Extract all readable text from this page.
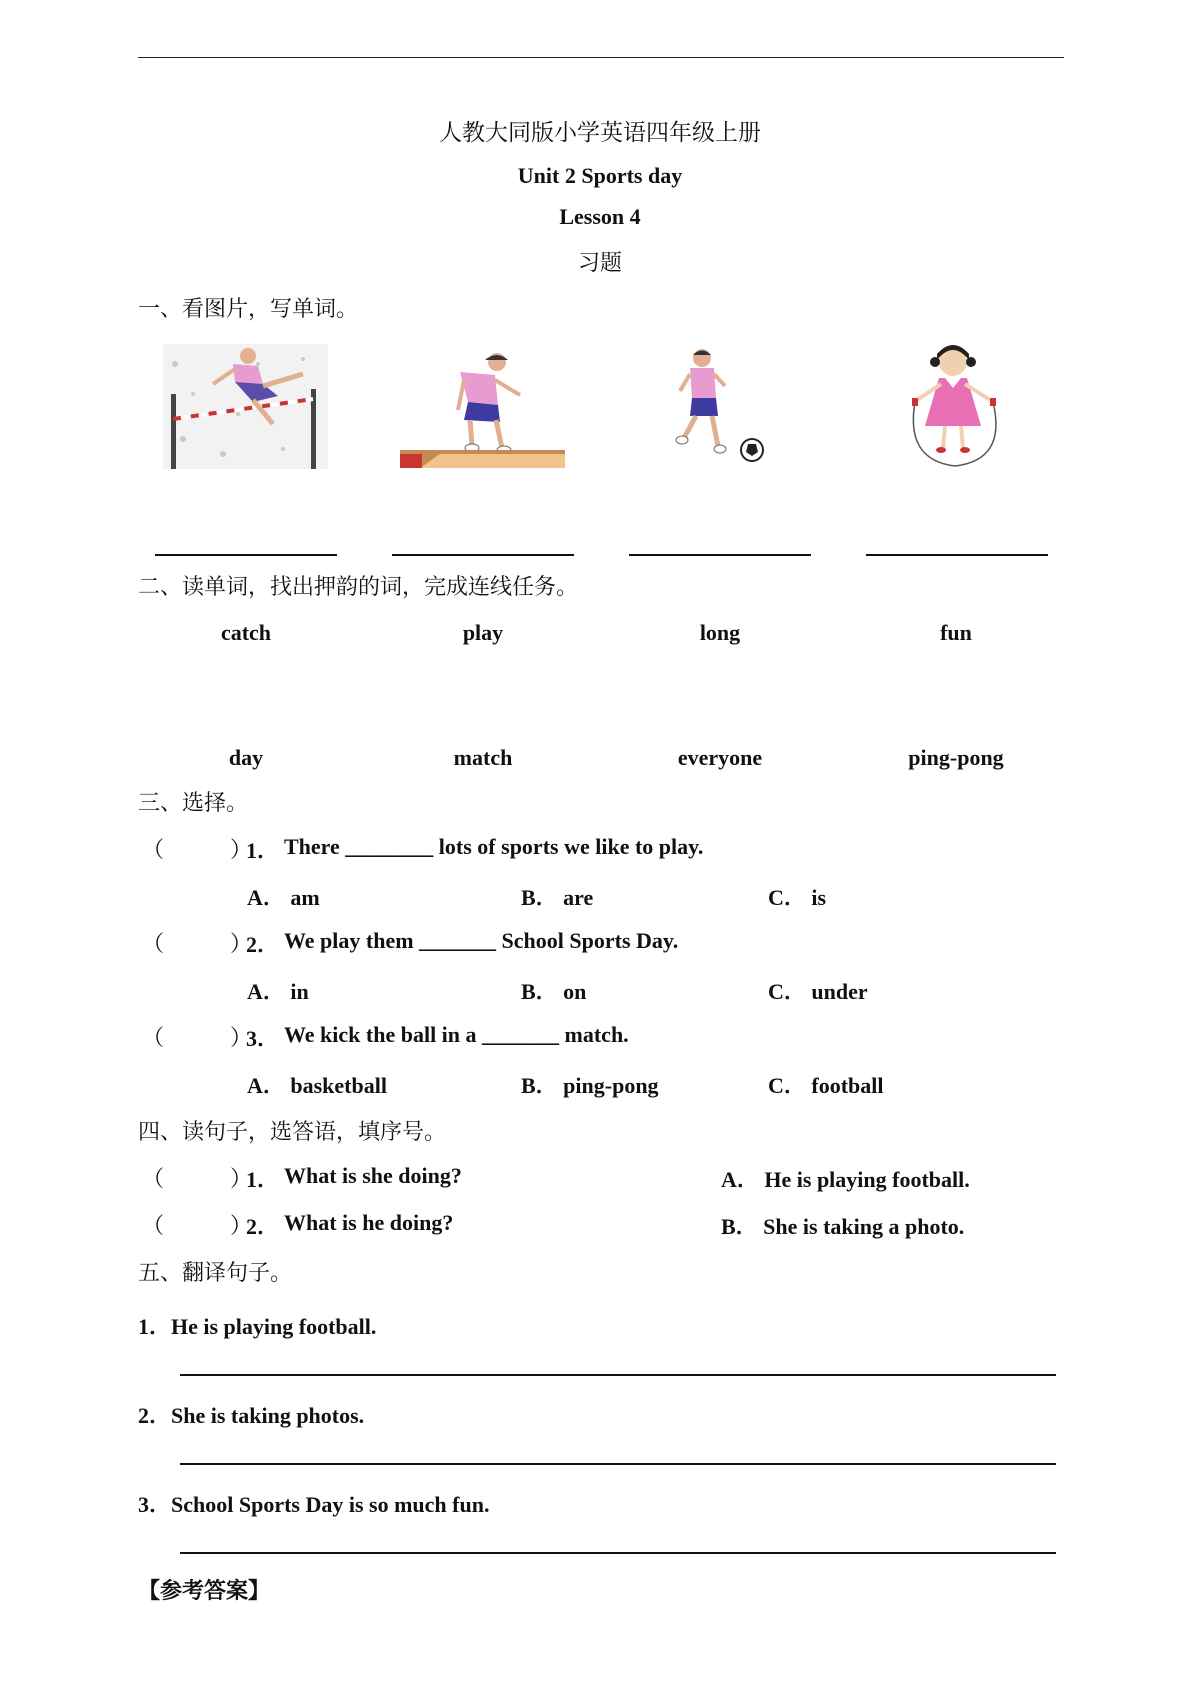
人教大同版小学英语四年级上册
Unit 2 Sports day
Lesson 4
习题
一、看图片，写单词。
二、读单词，找出押韵的词，完成连线任务。
catch	play	long	fun
day	match	everyone	ping-pong
三、选择。
（　　　）
1． There ________ lots of sports we like to play.
A． am	B． are	C． is
（　　　）
2． We play them _______ School Sports Day.
A． in	B． on	C． under
（　　　）
3． We kick the ball in a _______ match.
A． basketball	B． ping-pong	C． football
四、读句子，选答语，填序号。
（　　　）
1． What is she doing?	A． He is playing football.
（　　　）
2． What is he doing?	B． She is taking a photo.
五、翻译句子。
1．He is playing football.
2．She is taking photos.
3．School Sports Day is so much fun.
【参考答案】
